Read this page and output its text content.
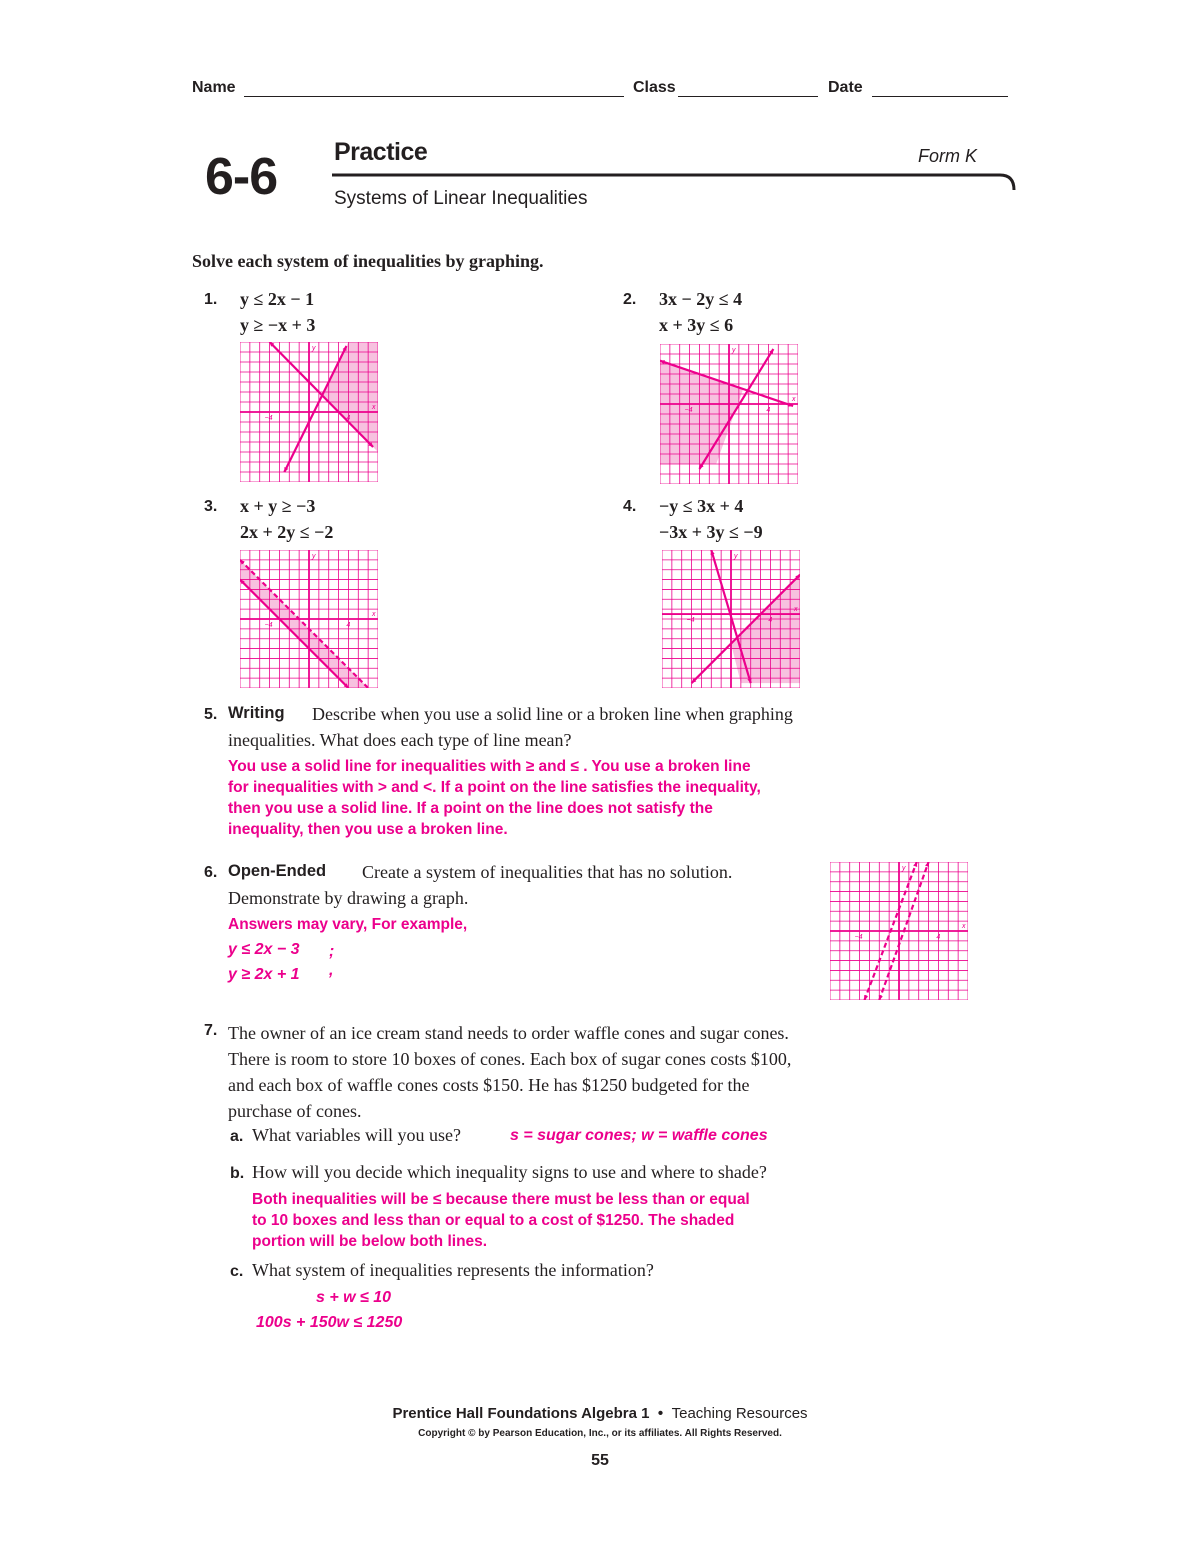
Name	Class	Date
6-6 Practice	Form K
Systems of Linear Inequalities
Solve each system of inequalities by graphing.
1. y ≤ 2x − 1
y ≥ −x + 3
x
y
−4	4
2. 3x − 2y ≤ 4
x + 3y ≤ 6
x
y
−4	4
3. x + y ≥ −3
2x + 2y ≤ −2
x
y
−4	4
4. −y ≤ 3x + 4
−3x + 3y ≤ −9
x
y
−4	4
5. Writing Describe when you use a solid line or a broken line when graphing
inequalities. What does each type of line mean?
You use a solid line for inequalities with ≥ and ≤ . You use a broken line
for inequalities with > and <. If a point on the line satisfies the inequality,
then you use a solid line. If a point on the line does not satisfy the
inequality, then you use a broken line.
6. Open-Ended Create a system of inequalities that has no solution.
Demonstrate by drawing a graph.
Answers may vary, For example,
y ≤ 2x − 3 ;
y ≥ 2x + 1 ,
x
y
−4	4
7. The owner of an ice cream stand needs to order waffle cones and sugar cones.
There is room to store 10 boxes of cones. Each box of sugar cones costs $100,
and each box of waffle cones costs $150. He has $1250 budgeted for the
purchase of cones.
a. What variables will you use?	s = sugar cones; w = waffle cones
b. How will you decide which inequality signs to use and where to shade?
Both inequalities will be ≤ because there must be less than or equal
to 10 boxes and less than or equal to a cost of $1250. The shaded
portion will be below both lines.
c. What system of inequalities represents the information?
s + w ≤ 10
100s + 150w ≤ 1250
Prentice Hall Foundations Algebra 1 • Teaching Resources
Copyright © by Pearson Education, Inc., or its affiliates. All Rights Reserved.
55
